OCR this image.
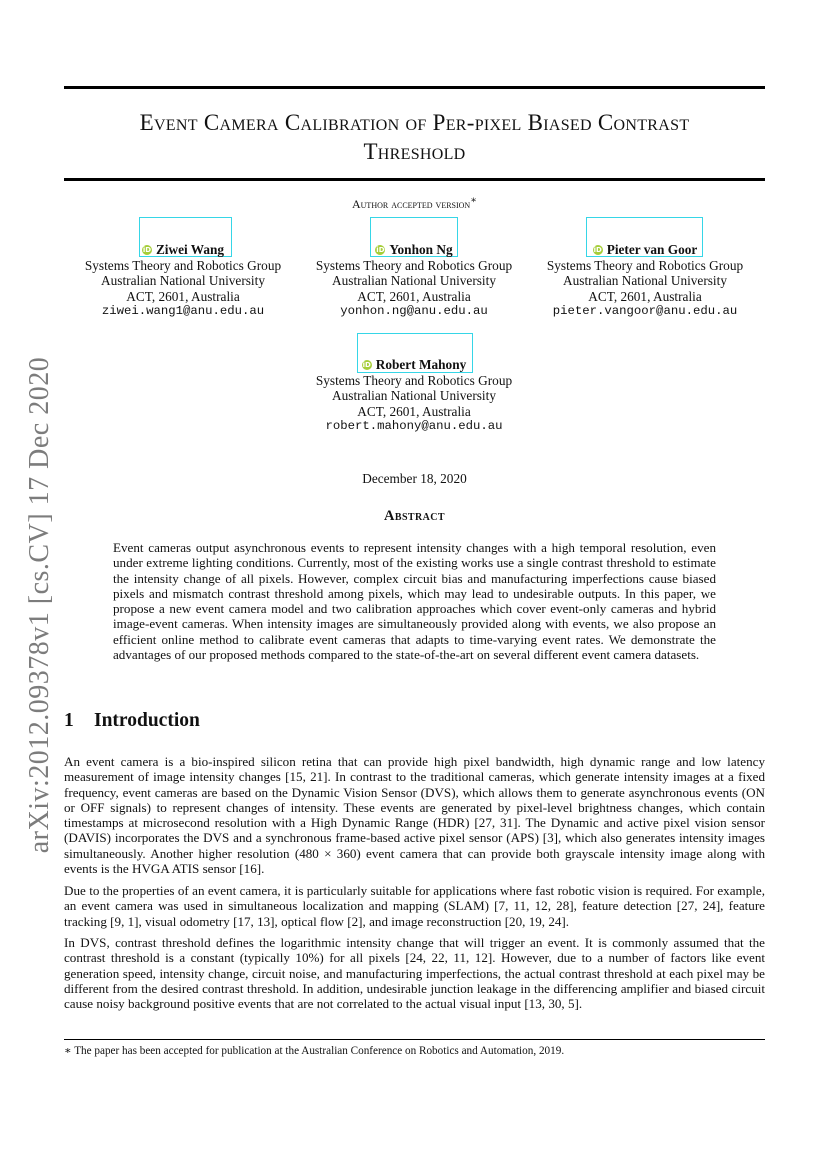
arXiv:2012.09378v1 [cs.CV] 17 Dec 2020
Event Camera Calibration of Per-pixel Biased Contrast
Threshold
Author accepted version∗
iD Ziwei Wang
Systems Theory and Robotics Group
Australian National University
ACT, 2601, Australia
ziwei.wang1@anu.edu.au
iD Yonhon Ng
Systems Theory and Robotics Group
Australian National University
ACT, 2601, Australia
yonhon.ng@anu.edu.au
iD Pieter van Goor
Systems Theory and Robotics Group
Australian National University
ACT, 2601, Australia
pieter.vangoor@anu.edu.au
iD Robert Mahony
Systems Theory and Robotics Group
Australian National University
ACT, 2601, Australia
robert.mahony@anu.edu.au
December 18, 2020
Abstract
Event cameras output asynchronous events to represent intensity changes with a high temporal resolution, even under extreme lighting conditions. Currently, most of the existing works use a single contrast threshold to estimate the intensity change of all pixels. However, complex circuit bias and manufacturing imperfections cause biased pixels and mismatch contrast threshold among pixels, which may lead to undesirable outputs. In this paper, we propose a new event camera model and two calibration approaches which cover event-only cameras and hybrid image-event cameras. When intensity images are simultaneously provided along with events, we also propose an efficient online method to calibrate event cameras that adapts to time-varying event rates. We demonstrate the advantages of our proposed methods compared to the state-of-the-art on several different event camera datasets.
1 Introduction
An event camera is a bio-inspired silicon retina that can provide high pixel bandwidth, high dynamic range and low latency measurement of image intensity changes [15, 21]. In contrast to the traditional cameras, which generate intensity images at a fixed frequency, event cameras are based on the Dynamic Vision Sensor (DVS), which allows them to generate asynchronous events (ON or OFF signals) to represent changes of intensity. These events are generated by pixel-level brightness changes, which contain timestamps at microsecond resolution with a High Dynamic Range (HDR) [27, 31]. The Dynamic and active pixel vision sensor (DAVIS) incorporates the DVS and a synchronous frame-based active pixel sensor (APS) [3], which also generates intensity images simultaneously. Another higher resolution (480 × 360) event camera that can provide both grayscale intensity image along with events is the HVGA ATIS sensor [16].
Due to the properties of an event camera, it is particularly suitable for applications where fast robotic vision is required. For example, an event camera was used in simultaneous localization and mapping (SLAM) [7, 11, 12, 28], feature detection [27, 24], feature tracking [9, 1], visual odometry [17, 13], optical flow [2], and image reconstruction [20, 19, 24].
In DVS, contrast threshold defines the logarithmic intensity change that will trigger an event. It is commonly assumed that the contrast threshold is a constant (typically 10%) for all pixels [24, 22, 11, 12]. However, due to a number of factors like event generation speed, intensity change, circuit noise, and manufacturing imperfections, the actual contrast threshold at each pixel may be different from the desired contrast threshold. In addition, undesirable junction leakage in the differencing amplifier and biased circuit cause noisy background positive events that are not correlated to the actual visual input [13, 30, 5].
∗ The paper has been accepted for publication at the Australian Conference on Robotics and Automation, 2019.
